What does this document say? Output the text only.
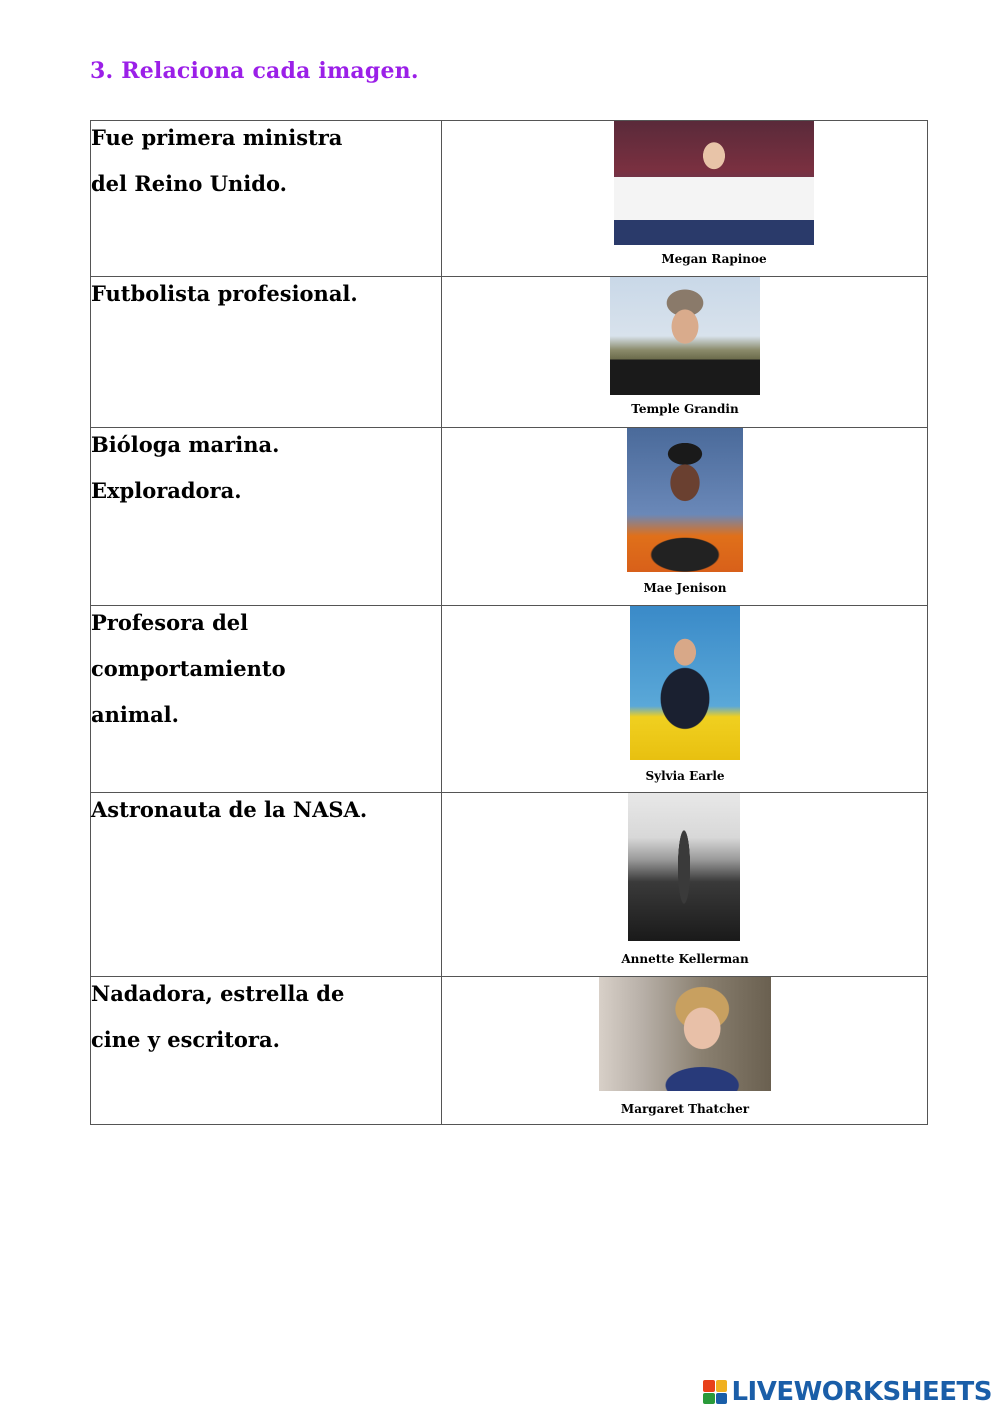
3. Relaciona cada imagen.
Fue primera ministra
del Reino Unido.	Megan Rapinoe

Futbolista profesional.	Temple Grandin

Bióloga marina.
Exploradora.	Mae Jenison

Profesora del
comportamiento
animal.	Sylvia Earle

Astronauta de la NASA.	Annette Kellerman

Nadadora, estrella de
cine y escritora.	Margaret Thatcher
LIVEWORKSHEETS
